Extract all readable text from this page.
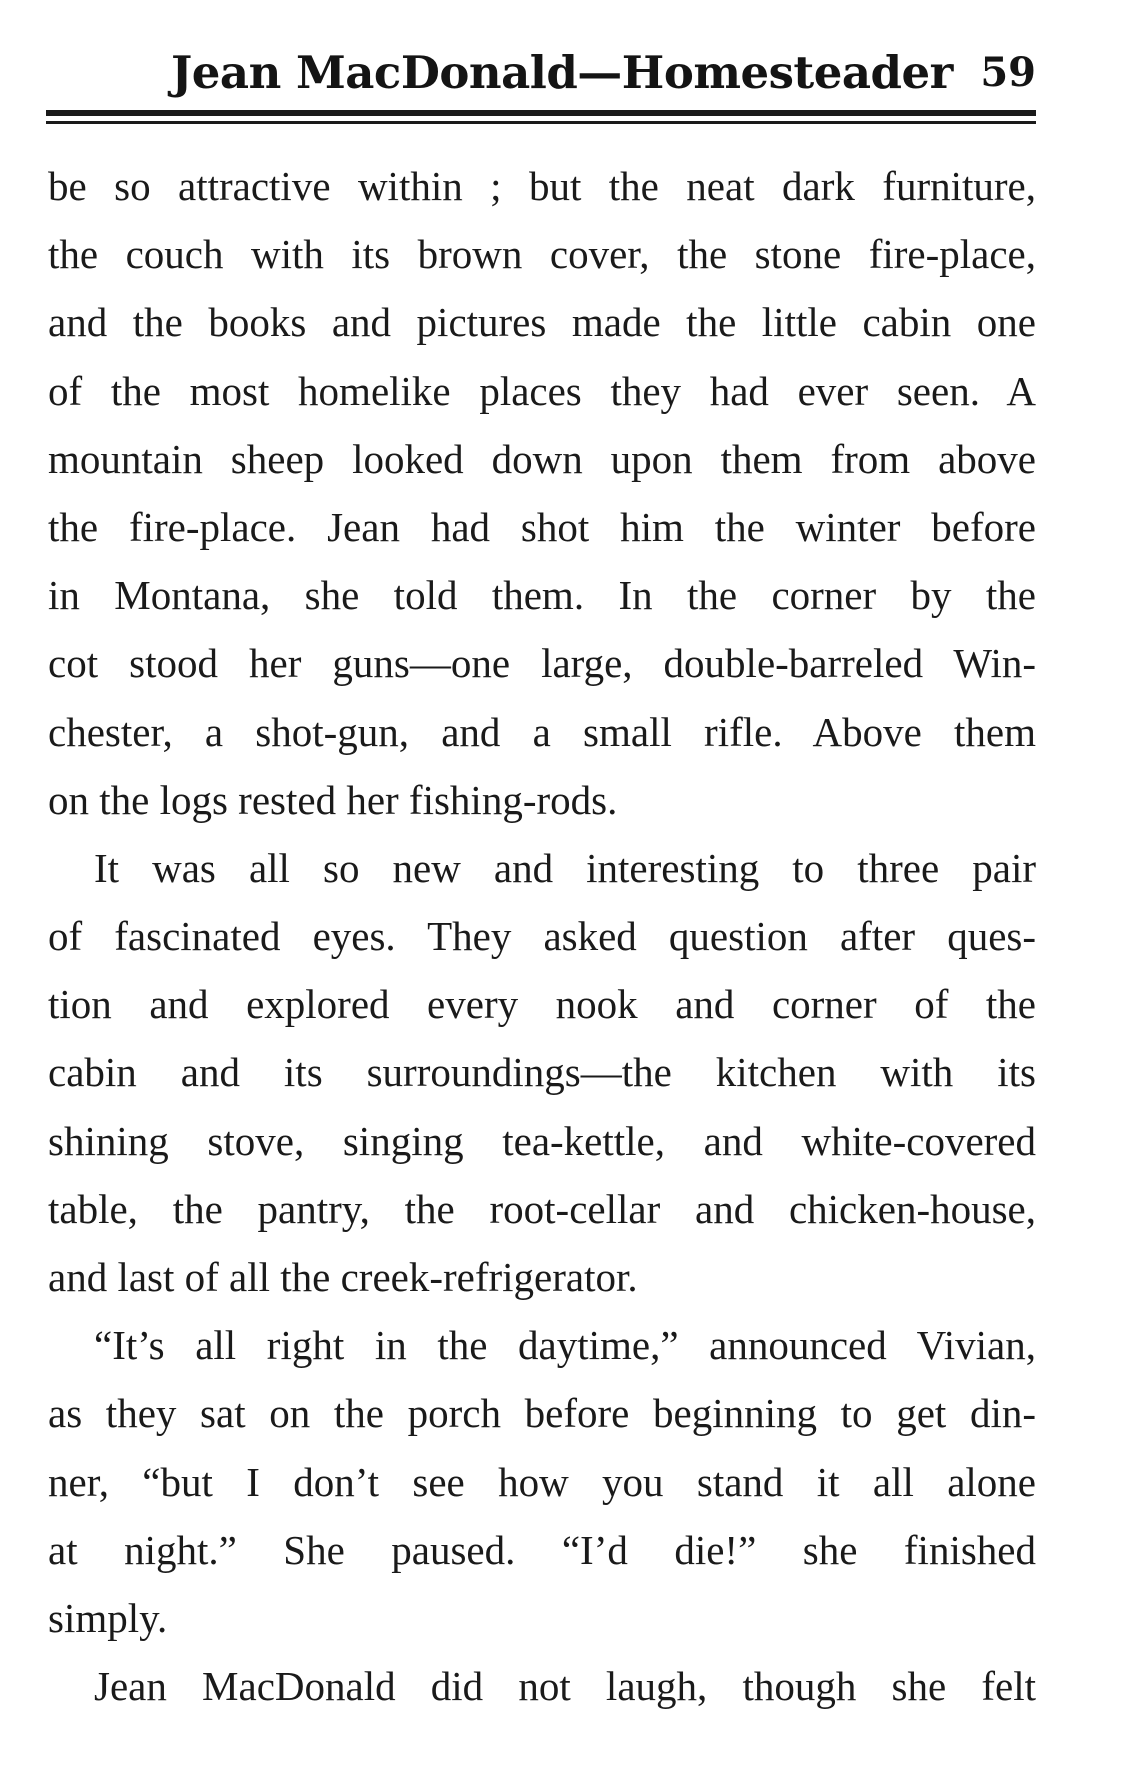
Jean MacDonald—Homesteader 59
be so attractive within ; but the neat dark furniture,
the couch with its brown cover, the stone fire-place,
and the books and pictures made the little cabin one
of the most homelike places they had ever seen. A
mountain sheep looked down upon them from above
the fire-place. Jean had shot him the winter before
in Montana, she told them. In the corner by the
cot stood her guns—one large, double-barreled Win-
chester, a shot-gun, and a small rifle. Above them
on the logs rested her fishing-rods.
It was all so new and interesting to three pair
of fascinated eyes. They asked question after ques-
tion and explored every nook and corner of the
cabin and its surroundings—the kitchen with its
shining stove, singing tea-kettle, and white-covered
table, the pantry, the root-cellar and chicken-house,
and last of all the creek-refrigerator.
“It’s all right in the daytime,” announced Vivian,
as they sat on the porch before beginning to get din-
ner, “but I don’t see how you stand it all alone
at night.” She paused. “I’d die!” she finished
simply.
Jean MacDonald did not laugh, though she felt
